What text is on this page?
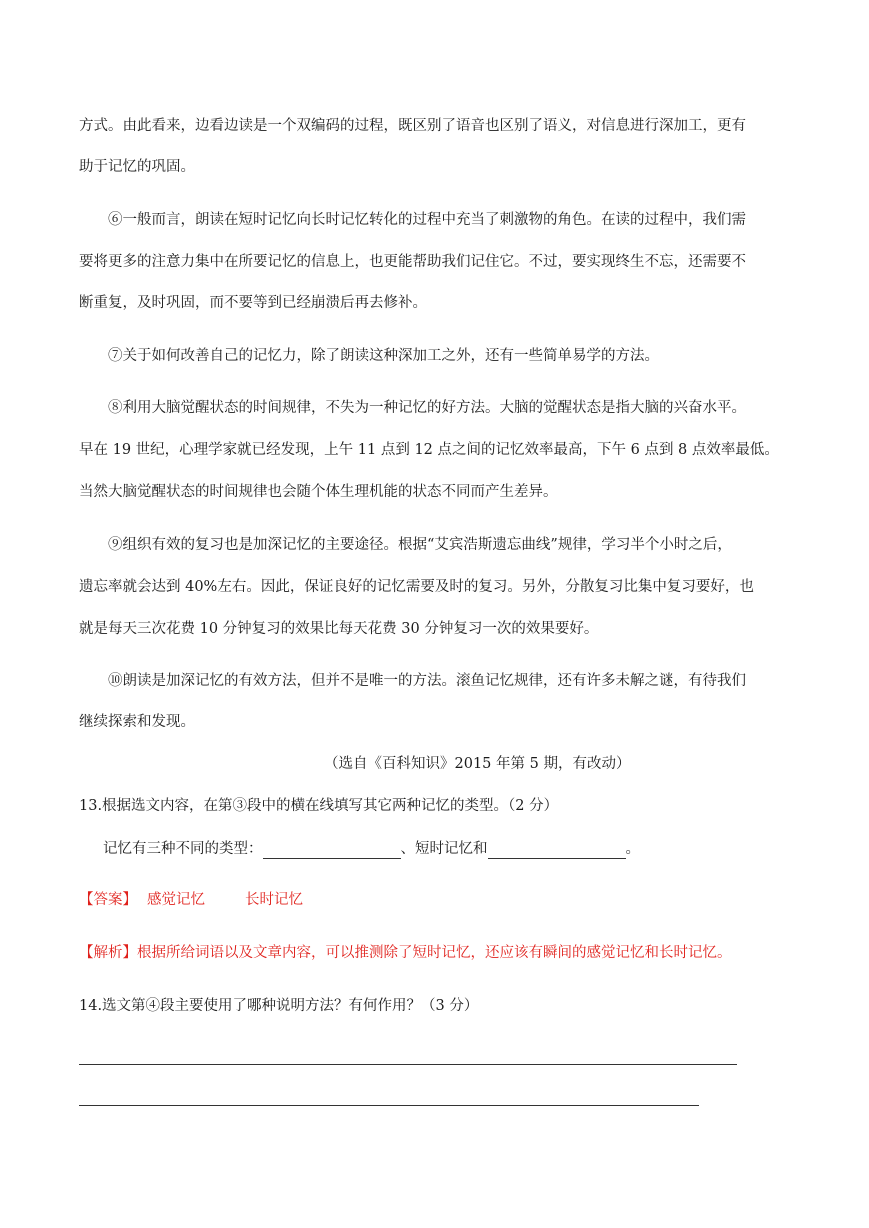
方式。由此看来，边看边读是一个双编码的过程，既区别了语音也区别了语义，对信息进行深加工，更有
助于记忆的巩固。
⑥一般而言，朗读在短时记忆向长时记忆转化的过程中充当了刺激物的角色。在读的过程中，我们需
要将更多的注意力集中在所要记忆的信息上，也更能帮助我们记住它。不过，要实现终生不忘，还需要不
断重复，及时巩固，而不要等到已经崩溃后再去修补。
⑦关于如何改善自己的记忆力，除了朗读这种深加工之外，还有一些简单易学的方法。
⑧利用大脑觉醒状态的时间规律，不失为一种记忆的好方法。大脑的觉醒状态是指大脑的兴奋水平。
早在 19 世纪，心理学家就已经发现，上午 11 点到 12 点之间的记忆效率最高，下午 6 点到 8 点效率最低。
当然大脑觉醒状态的时间规律也会随个体生理机能的状态不同而产生差异。
⑨组织有效的复习也是加深记忆的主要途径。根据“艾宾浩斯遗忘曲线”规律，学习半个小时之后，
遗忘率就会达到 40%左右。因此，保证良好的记忆需要及时的复习。另外，分散复习比集中复习要好，也
就是每天三次花费 10 分钟复习的效果比每天花费 30 分钟复习一次的效果要好。
⑩朗读是加深记忆的有效方法，但并不是唯一的方法。滚鱼记忆规律，还有许多未解之谜，有待我们
继续探索和发现。
（选自《百科知识》2015 年第 5 期，有改动）
13.根据选文内容，在第③段中的横在线填写其它两种记忆的类型。（2 分）
记忆有三种不同的类型：	、短时记忆和	。
【答案】 感觉记忆	长时记忆
【解析】根据所给词语以及文章内容，可以推测除了短时记忆，还应该有瞬间的感觉记忆和长时记忆。
14.选文第④段主要使用了哪种说明方法？有何作用？（3 分）
